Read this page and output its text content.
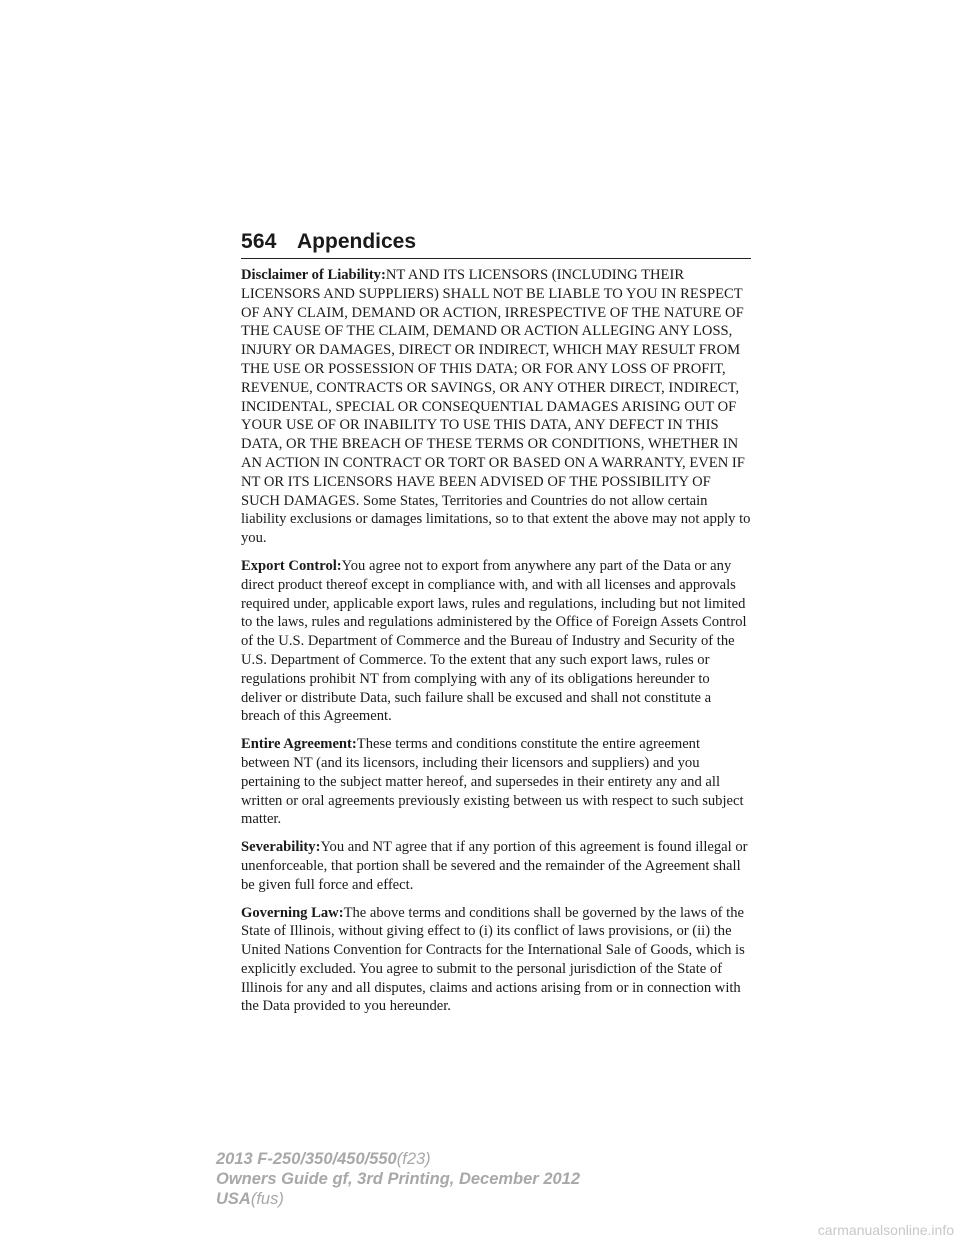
564 Appendices

Disclaimer of Liability:NT AND ITS LICENSORS (INCLUDING THEIR LICENSORS AND SUPPLIERS) SHALL NOT BE LIABLE TO YOU IN RESPECT OF ANY CLAIM, DEMAND OR ACTION, IRRESPECTIVE OF THE NATURE OF THE CAUSE OF THE CLAIM, DEMAND OR ACTION ALLEGING ANY LOSS, INJURY OR DAMAGES, DIRECT OR INDIRECT, WHICH MAY RESULT FROM THE USE OR POSSESSION OF THIS DATA; OR FOR ANY LOSS OF PROFIT, REVENUE, CONTRACTS OR SAVINGS, OR ANY OTHER DIRECT, INDIRECT, INCIDENTAL, SPECIAL OR CONSEQUENTIAL DAMAGES ARISING OUT OF YOUR USE OF OR INABILITY TO USE THIS DATA, ANY DEFECT IN THIS DATA, OR THE BREACH OF THESE TERMS OR CONDITIONS, WHETHER IN AN ACTION IN CONTRACT OR TORT OR BASED ON A WARRANTY, EVEN IF NT OR ITS LICENSORS HAVE BEEN ADVISED OF THE POSSIBILITY OF SUCH DAMAGES. Some States, Territories and Countries do not allow certain liability exclusions or damages limitations, so to that extent the above may not apply to you.

Export Control:You agree not to export from anywhere any part of the Data or any direct product thereof except in compliance with, and with all licenses and approvals required under, applicable export laws, rules and regulations, including but not limited to the laws, rules and regulations administered by the Office of Foreign Assets Control of the U.S. Department of Commerce and the Bureau of Industry and Security of the U.S. Department of Commerce. To the extent that any such export laws, rules or regulations prohibit NT from complying with any of its obligations hereunder to deliver or distribute Data, such failure shall be excused and shall not constitute a breach of this Agreement.

Entire Agreement:These terms and conditions constitute the entire agreement between NT (and its licensors, including their licensors and suppliers) and you pertaining to the subject matter hereof, and supersedes in their entirety any and all written or oral agreements previously existing between us with respect to such subject matter.

Severability:You and NT agree that if any portion of this agreement is found illegal or unenforceable, that portion shall be severed and the remainder of the Agreement shall be given full force and effect.

Governing Law:The above terms and conditions shall be governed by the laws of the State of Illinois, without giving effect to (i) its conflict of laws provisions, or (ii) the United Nations Convention for Contracts for the International Sale of Goods, which is explicitly excluded. You agree to submit to the personal jurisdiction of the State of Illinois for any and all disputes, claims and actions arising from or in connection with the Data provided to you hereunder.

2013 F-250/350/450/550(f23)
Owners Guide gf, 3rd Printing, December 2012
USA(fus)
carmanualsonline.info
